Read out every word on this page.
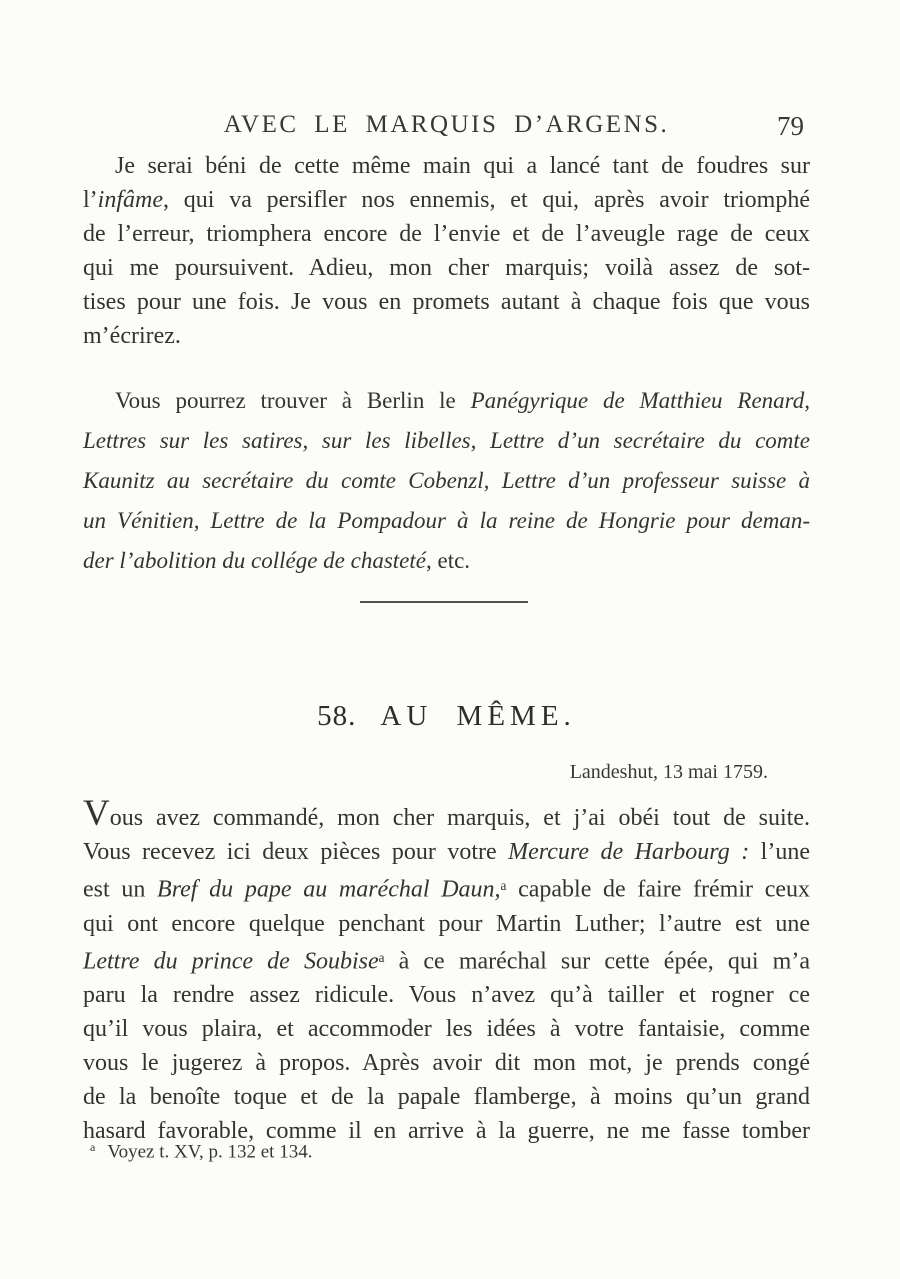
AVEC LE MARQUIS D’ARGENS.	79
Je serai béni de cette même main qui a lancé tant de foudres sur
l’infâme, qui va persifler nos ennemis, et qui, après avoir triomphé
de l’erreur, triomphera encore de l’envie et de l’aveugle rage de ceux
qui me poursuivent. Adieu, mon cher marquis; voilà assez de sot-
tises pour une fois. Je vous en promets autant à chaque fois que vous
m’écrirez.
Vous pourrez trouver à Berlin le Panégyrique de Matthieu Renard,
Lettres sur les satires, sur les libelles, Lettre d’un secrétaire du comte
Kaunitz au secrétaire du comte Cobenzl, Lettre d’un professeur suisse à
un Vénitien, Lettre de la Pompadour à la reine de Hongrie pour deman-
der l’abolition du collége de chasteté, etc.
58. AU MÊME.
Landeshut, 13 mai 1759.
Vous avez commandé, mon cher marquis, et j’ai obéi tout de suite.
Vous recevez ici deux pièces pour votre Mercure de Harbourg : l’une
est un Bref du pape au maréchal Daun,$^a$ capable de faire frémir ceux
qui ont encore quelque penchant pour Martin Luther; l’autre est une
Lettre du prince de Soubise$^a$ à ce maréchal sur cette épée, qui m’a
paru la rendre assez ridicule. Vous n’avez qu’à tailler et rogner ce
qu’il vous plaira, et accommoder les idées à votre fantaisie, comme
vous le jugerez à propos. Après avoir dit mon mot, je prends congé
de la benoîte toque et de la papale flamberge, à moins qu’un grand
hasard favorable, comme il en arrive à la guerre, ne me fasse tomber
$^a$ Voyez t. XV, p. 132 et 134.
